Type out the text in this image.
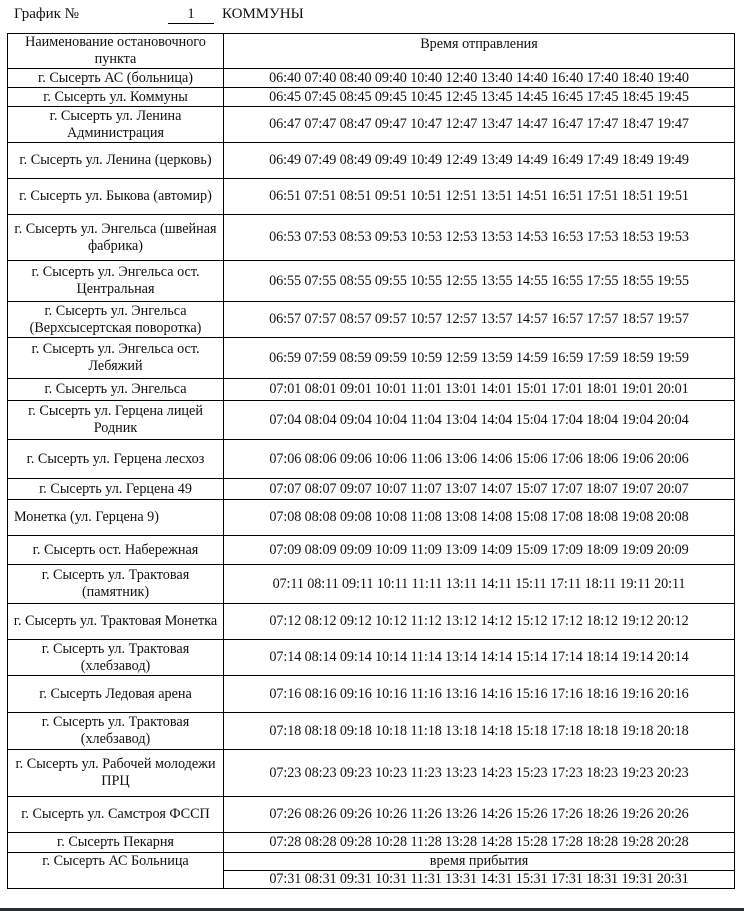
График №	1	КОММУНЫ
Наименование остановочного пункта	Время отправления
г. Сысерть АС (больница)	06:40 07:40 08:40 09:40 10:40 12:40 13:40 14:40 16:40 17:40 18:40 19:40
г. Сысерть ул. Коммуны	06:45 07:45 08:45 09:45 10:45 12:45 13:45 14:45 16:45 17:45 18:45 19:45
г. Сысерть ул. Ленина Администрация	06:47 07:47 08:47 09:47 10:47 12:47 13:47 14:47 16:47 17:47 18:47 19:47
г. Сысерть ул. Ленина (церковь)	06:49 07:49 08:49 09:49 10:49 12:49 13:49 14:49 16:49 17:49 18:49 19:49
г. Сысерть ул. Быкова (автомир)	06:51 07:51 08:51 09:51 10:51 12:51 13:51 14:51 16:51 17:51 18:51 19:51
г. Сысерть ул. Энгельса (швейная фабрика)	06:53 07:53 08:53 09:53 10:53 12:53 13:53 14:53 16:53 17:53 18:53 19:53
г. Сысерть ул. Энгельса ост. Центральная	06:55 07:55 08:55 09:55 10:55 12:55 13:55 14:55 16:55 17:55 18:55 19:55
г. Сысерть ул. Энгельса (Верхсысертская поворотка)	06:57 07:57 08:57 09:57 10:57 12:57 13:57 14:57 16:57 17:57 18:57 19:57
г. Сысерть ул. Энгельса ост. Лебяжий	06:59 07:59 08:59 09:59 10:59 12:59 13:59 14:59 16:59 17:59 18:59 19:59
г. Сысерть ул. Энгельса	07:01 08:01 09:01 10:01 11:01 13:01 14:01 15:01 17:01 18:01 19:01 20:01
г. Сысерть ул. Герцена лицей Родник	07:04 08:04 09:04 10:04 11:04 13:04 14:04 15:04 17:04 18:04 19:04 20:04
г. Сысерть ул. Герцена лесхоз	07:06 08:06 09:06 10:06 11:06 13:06 14:06 15:06 17:06 18:06 19:06 20:06
г. Сысерть ул. Герцена 49	07:07 08:07 09:07 10:07 11:07 13:07 14:07 15:07 17:07 18:07 19:07 20:07
Монетка (ул. Герцена 9)	07:08 08:08 09:08 10:08 11:08 13:08 14:08 15:08 17:08 18:08 19:08 20:08
г. Сысерть ост. Набережная	07:09 08:09 09:09 10:09 11:09 13:09 14:09 15:09 17:09 18:09 19:09 20:09
г. Сысерть ул. Трактовая (памятник)	07:11 08:11 09:11 10:11 11:11 13:11 14:11 15:11 17:11 18:11 19:11 20:11
г. Сысерть ул. Трактовая Монетка	07:12 08:12 09:12 10:12 11:12 13:12 14:12 15:12 17:12 18:12 19:12 20:12
г. Сысерть ул. Трактовая (хлебзавод)	07:14 08:14 09:14 10:14 11:14 13:14 14:14 15:14 17:14 18:14 19:14 20:14
г. Сысерть Ледовая арена	07:16 08:16 09:16 10:16 11:16 13:16 14:16 15:16 17:16 18:16 19:16 20:16
г. Сысерть ул. Трактовая (хлебзавод)	07:18 08:18 09:18 10:18 11:18 13:18 14:18 15:18 17:18 18:18 19:18 20:18
г. Сысерть ул. Рабочей молодежи ПРЦ	07:23 08:23 09:23 10:23 11:23 13:23 14:23 15:23 17:23 18:23 19:23 20:23
г. Сысерть ул. Самстроя ФССП	07:26 08:26 09:26 10:26 11:26 13:26 14:26 15:26 17:26 18:26 19:26 20:26
г. Сысерть Пекарня	07:28 08:28 09:28 10:28 11:28 13:28 14:28 15:28 17:28 18:28 19:28 20:28
г. Сысерть АС Больница	время прибытия
	07:31 08:31 09:31 10:31 11:31 13:31 14:31 15:31 17:31 18:31 19:31 20:31
